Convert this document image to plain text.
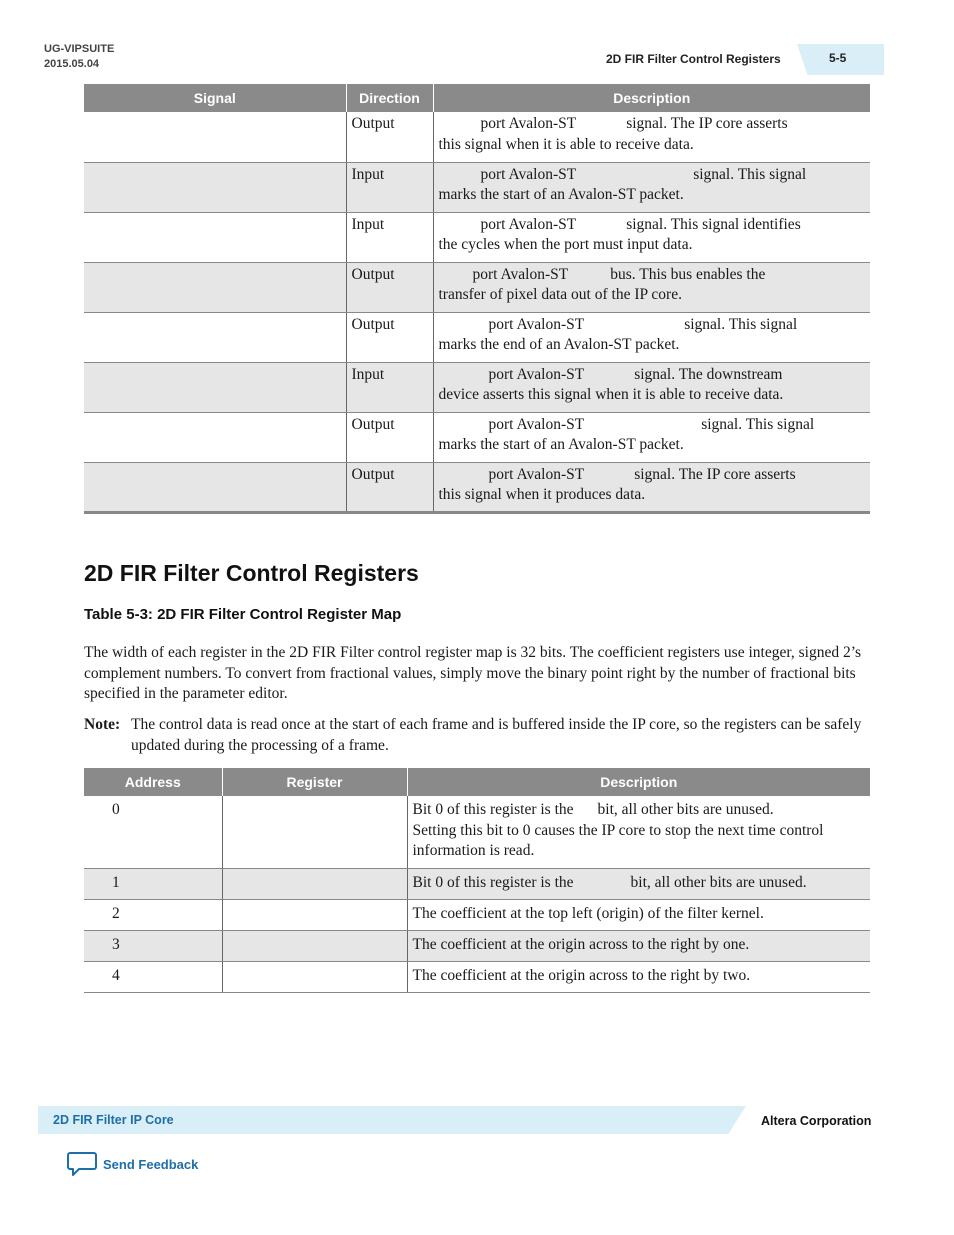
UG-VIPSUITE
2015.05.04	2D FIR Filter Control Registers	5-5
Signal	Direction	Description
	Output	port Avalon-ST signal. The IP core asserts
this signal when it is able to receive data.
	Input	port Avalon-ST signal. This signal
marks the start of an Avalon-ST packet.
	Input	port Avalon-ST signal. This signal identifies
the cycles when the port must input data.
	Output	port Avalon-ST bus. This bus enables the
transfer of pixel data out of the IP core.
	Output	port Avalon-ST signal. This signal
marks the end of an Avalon-ST packet.
	Input	port Avalon-ST signal. The downstream
device asserts this signal when it is able to receive data.
	Output	port Avalon-ST signal. This signal
marks the start of an Avalon-ST packet.
	Output	port Avalon-ST signal. The IP core asserts
this signal when it produces data.
2D FIR Filter Control Registers
Table 5-3: 2D FIR Filter Control Register Map

The width of each register in the 2D FIR Filter control register map is 32 bits. The coefficient registers use integer, signed 2’s complement numbers. To convert from fractional values, simply move the binary point right by the number of fractional bits specified in the parameter editor.

Note: The control data is read once at the start of each frame and is buffered inside the IP core, so the registers can be safely updated during the processing of a frame.
Address	Register	Description
0		Bit 0 of this register is the bit, all other bits are unused.
Setting this bit to 0 causes the IP core to stop the next time control information is read.
1		Bit 0 of this register is the bit, all other bits are unused.
2		The coefficient at the top left (origin) of the filter kernel.
3		The coefficient at the origin across to the right by one.
4		The coefficient at the origin across to the right by two.
2D FIR Filter IP Core	Altera Corporation
Send Feedback
